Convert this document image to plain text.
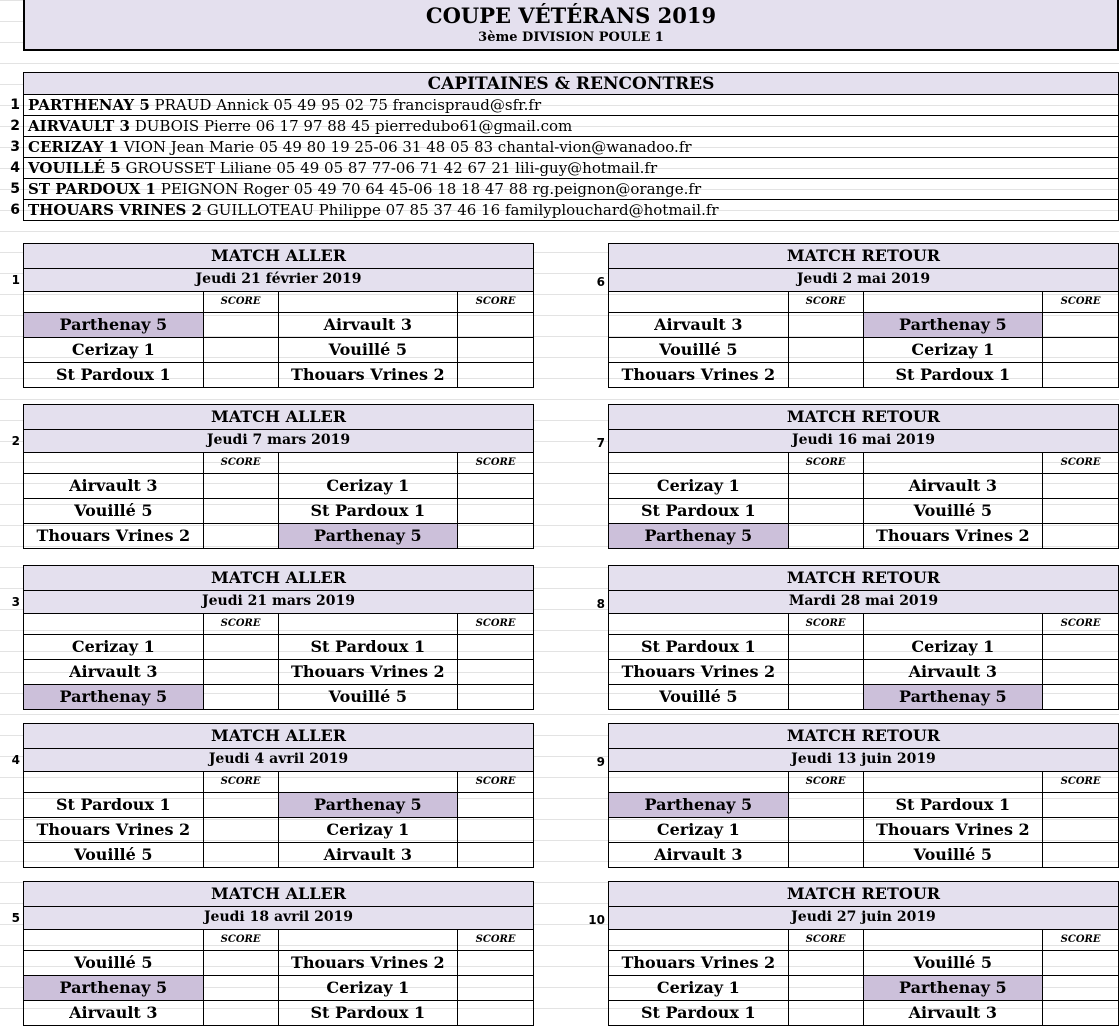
COUPE VÉTÉRANS 2019
3ème DIVISION POULE 1
CAPITAINES & RENCONTRES
1 PARTHENAY 5 PRAUD Annick 05 49 95 02 75 francispraud@sfr.fr
2 AIRVAULT 3 DUBOIS Pierre 06 17 97 88 45 pierredubo61@gmail.com
3 CERIZAY 1 VION Jean Marie 05 49 80 19 25-06 31 48 05 83 chantal-vion@wanadoo.fr
4 VOUILLÉ 5 GROUSSET Liliane 05 49 05 87 77-06 71 42 67 21 lili-guy@hotmail.fr
5 ST PARDOUX 1 PEIGNON Roger 05 49 70 64 45-06 18 18 47 88 rg.peignon@orange.fr
6 THOUARS VRINES 2 GUILLOTEAU Philippe 07 85 37 46 16 familyplouchard@hotmail.fr
MATCH ALLER
Jeudi 21 février 2019
SCORE	SCORE
Parthenay 5	Airvault 3
Cerizay 1	Vouillé 5
St Pardoux 1	Thouars Vrines 2
1
MATCH RETOUR
Jeudi 2 mai 2019
SCORE	SCORE
Airvault 3	Parthenay 5
Vouillé 5	Cerizay 1
Thouars Vrines 2	St Pardoux 1
6
MATCH ALLER
Jeudi 7 mars 2019
SCORE	SCORE
Airvault 3	Cerizay 1
Vouillé 5	St Pardoux 1
Thouars Vrines 2	Parthenay 5
2
MATCH RETOUR
Jeudi 16 mai 2019
SCORE	SCORE
Cerizay 1	Airvault 3
St Pardoux 1	Vouillé 5
Parthenay 5	Thouars Vrines 2
7
MATCH ALLER
Jeudi 21 mars 2019
SCORE	SCORE
Cerizay 1	St Pardoux 1
Airvault 3	Thouars Vrines 2
Parthenay 5	Vouillé 5
3
MATCH RETOUR
Mardi 28 mai 2019
SCORE	SCORE
St Pardoux 1	Cerizay 1
Thouars Vrines 2	Airvault 3
Vouillé 5	Parthenay 5
8
MATCH ALLER
Jeudi 4 avril 2019
SCORE	SCORE
St Pardoux 1	Parthenay 5
Thouars Vrines 2	Cerizay 1
Vouillé 5	Airvault 3
4
MATCH RETOUR
Jeudi 13 juin 2019
SCORE	SCORE
Parthenay 5	St Pardoux 1
Cerizay 1	Thouars Vrines 2
Airvault 3	Vouillé 5
9
MATCH ALLER
Jeudi 18 avril 2019
SCORE	SCORE
Vouillé 5	Thouars Vrines 2
Parthenay 5	Cerizay 1
Airvault 3	St Pardoux 1
5
MATCH RETOUR
Jeudi 27 juin 2019
SCORE	SCORE
Thouars Vrines 2	Vouillé 5
Cerizay 1	Parthenay 5
St Pardoux 1	Airvault 3
10
